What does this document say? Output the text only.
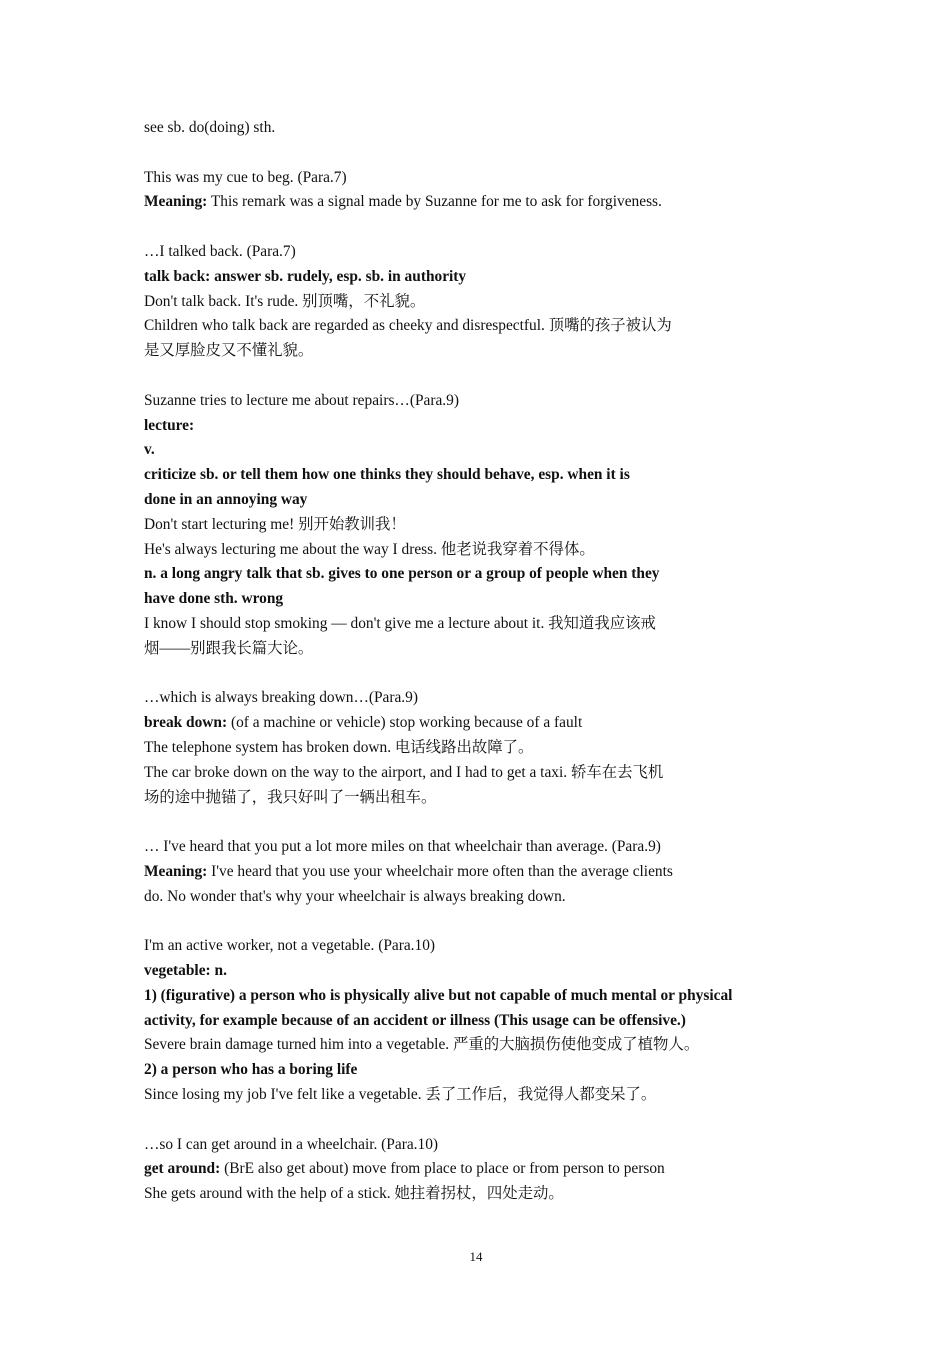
see sb. do(doing) sth.
This was my cue to beg. (Para.7)
Meaning: This remark was a signal made by Suzanne for me to ask for forgiveness.
…I talked back. (Para.7)
talk back: answer sb. rudely, esp. sb. in authority
Don't talk back. It's rude. 别顶嘴，不礼貌。
Children who talk back are regarded as cheeky and disrespectful. 顶嘴的孩子被认为
是又厚脸皮又不懂礼貌。
Suzanne tries to lecture me about repairs…(Para.9)
lecture:
v.
criticize sb. or tell them how one thinks they should behave, esp. when it is
done in an annoying way
Don't start lecturing me! 别开始教训我！
He's always lecturing me about the way I dress. 他老说我穿着不得体。
n. a long angry talk that sb. gives to one person or a group of people when they
have done sth. wrong
I know I should stop smoking — don't give me a lecture about it. 我知道我应该戒
烟——别跟我长篇大论。
…which is always breaking down…(Para.9)
break down: (of a machine or vehicle) stop working because of a fault
The telephone system has broken down. 电话线路出故障了。
The car broke down on the way to the airport, and I had to get a taxi. 轿车在去飞机
场的途中抛锚了，我只好叫了一辆出租车。
… I've heard that you put a lot more miles on that wheelchair than average. (Para.9)
Meaning: I've heard that you use your wheelchair more often than the average clients
do. No wonder that's why your wheelchair is always breaking down.
I'm an active worker, not a vegetable. (Para.10)
vegetable: n.
1) (figurative) a person who is physically alive but not capable of much mental or physical
activity, for example because of an accident or illness (This usage can be offensive.)
Severe brain damage turned him into a vegetable. 严重的大脑损伤使他变成了植物人。
2) a person who has a boring life
Since losing my job I've felt like a vegetable. 丢了工作后，我觉得人都变呆了。
…so I can get around in a wheelchair. (Para.10)
get around: (BrE also get about) move from place to place or from person to person
She gets around with the help of a stick. 她拄着拐杖，四处走动。
14
